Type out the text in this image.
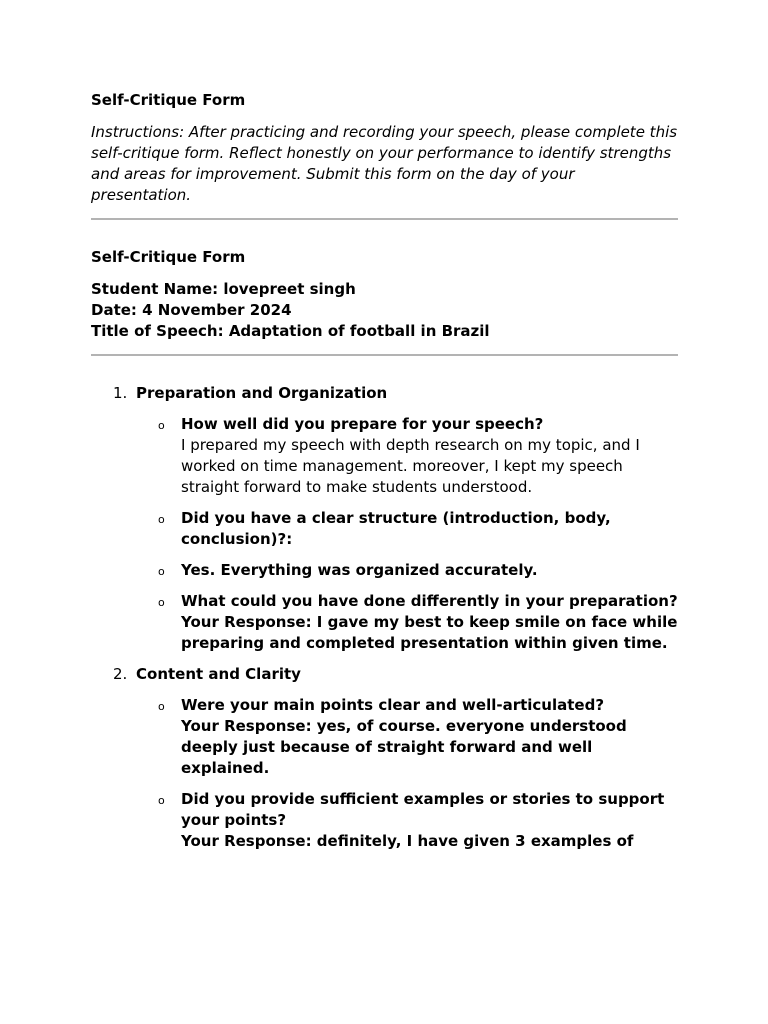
Self-Critique Form

Instructions: After practicing and recording your speech, please complete this self-critique form. Reflect honestly on your performance to identify strengths and areas for improvement. Submit this form on the day of your presentation.

Self-Critique Form

Student Name: lovepreet singh

Date: 4 November 2024

Title of Speech: Adaptation of football in Brazil

1. Preparation and Organization
o How well did you prepare for your speech?
I prepared my speech with depth research on my topic, and I worked on time management. moreover, I kept my speech straight forward to make students understood.
o Did you have a clear structure (introduction, body, conclusion)?:
o Yes. Everything was organized accurately.
o What could you have done differently in your preparation?
Your Response: I gave my best to keep smile on face while preparing and completed presentation within given time.
2. Content and Clarity
o Were your main points clear and well-articulated?
Your Response: yes, of course. everyone understood deeply just because of straight forward and well explained.
o Did you provide sufficient examples or stories to support your points?
Your Response: definitely, I have given 3 examples of
